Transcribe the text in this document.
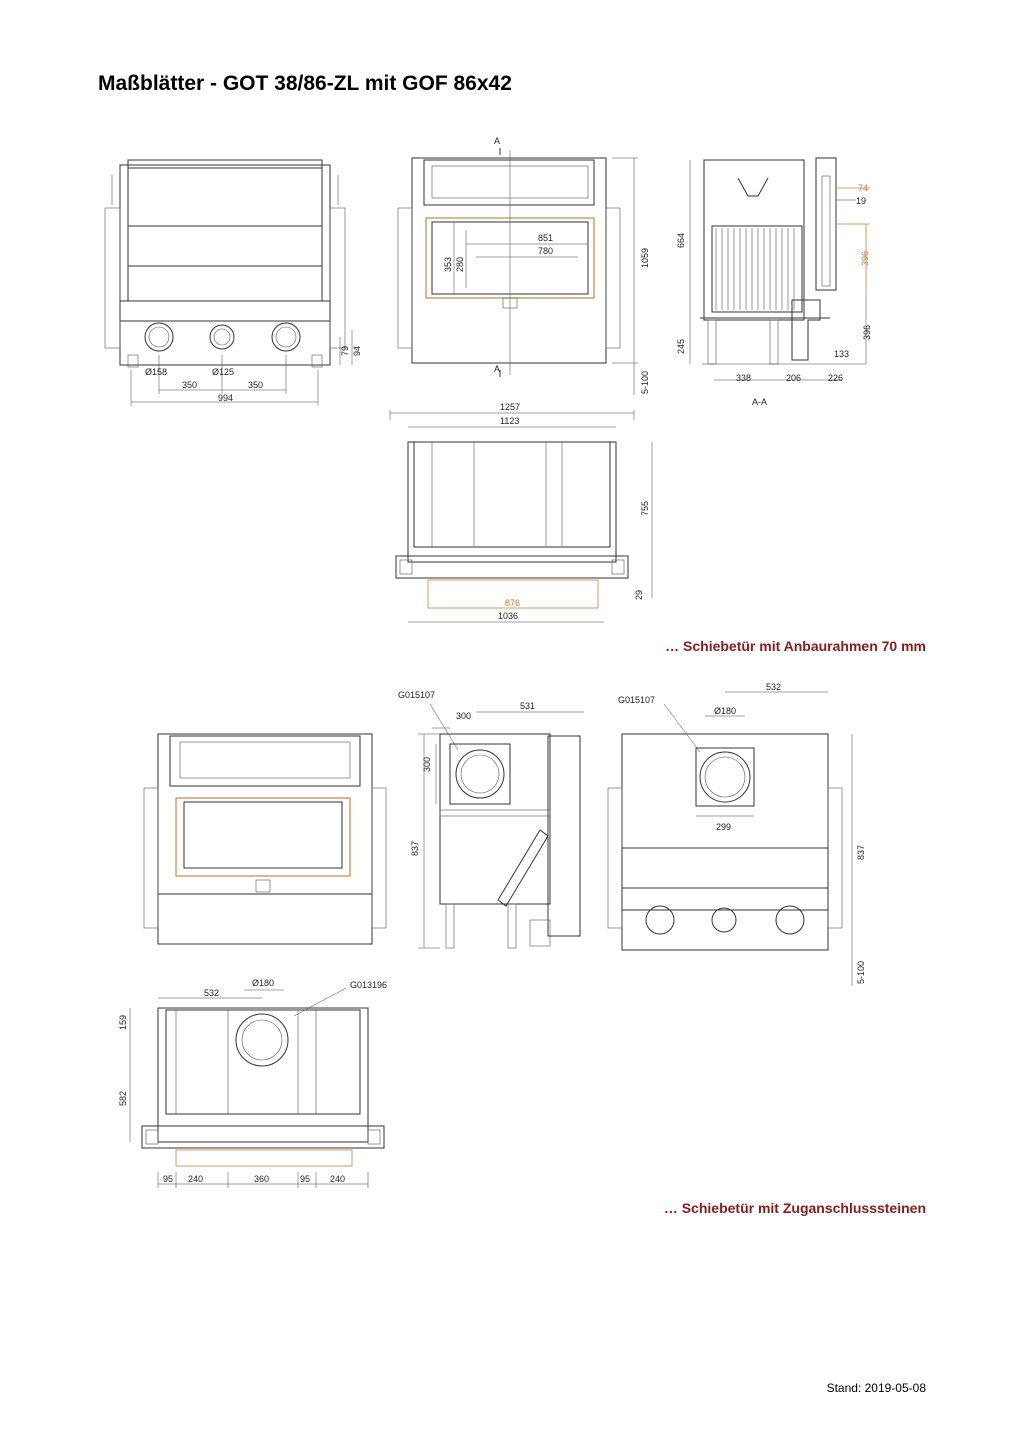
Maßblätter - GOT 38/86-ZL mit GOF 86x42
Ø158	Ø125
350	350
994
79 94
A
A
851
780
353 280	1059
5-100
74
19
664
396
396
245	133
338	206	226
A-A
1257
1123
755
29
876
1036
G015107
300
531
300
837
G015107
532
Ø180
299
837
5-100
Ø180
532
G013196
159
582
95 240	360	95 240
… Schiebetür mit Anbaurahmen 70 mm
… Schiebetür mit Zuganschlusssteinen
Stand: 2019-05-08
